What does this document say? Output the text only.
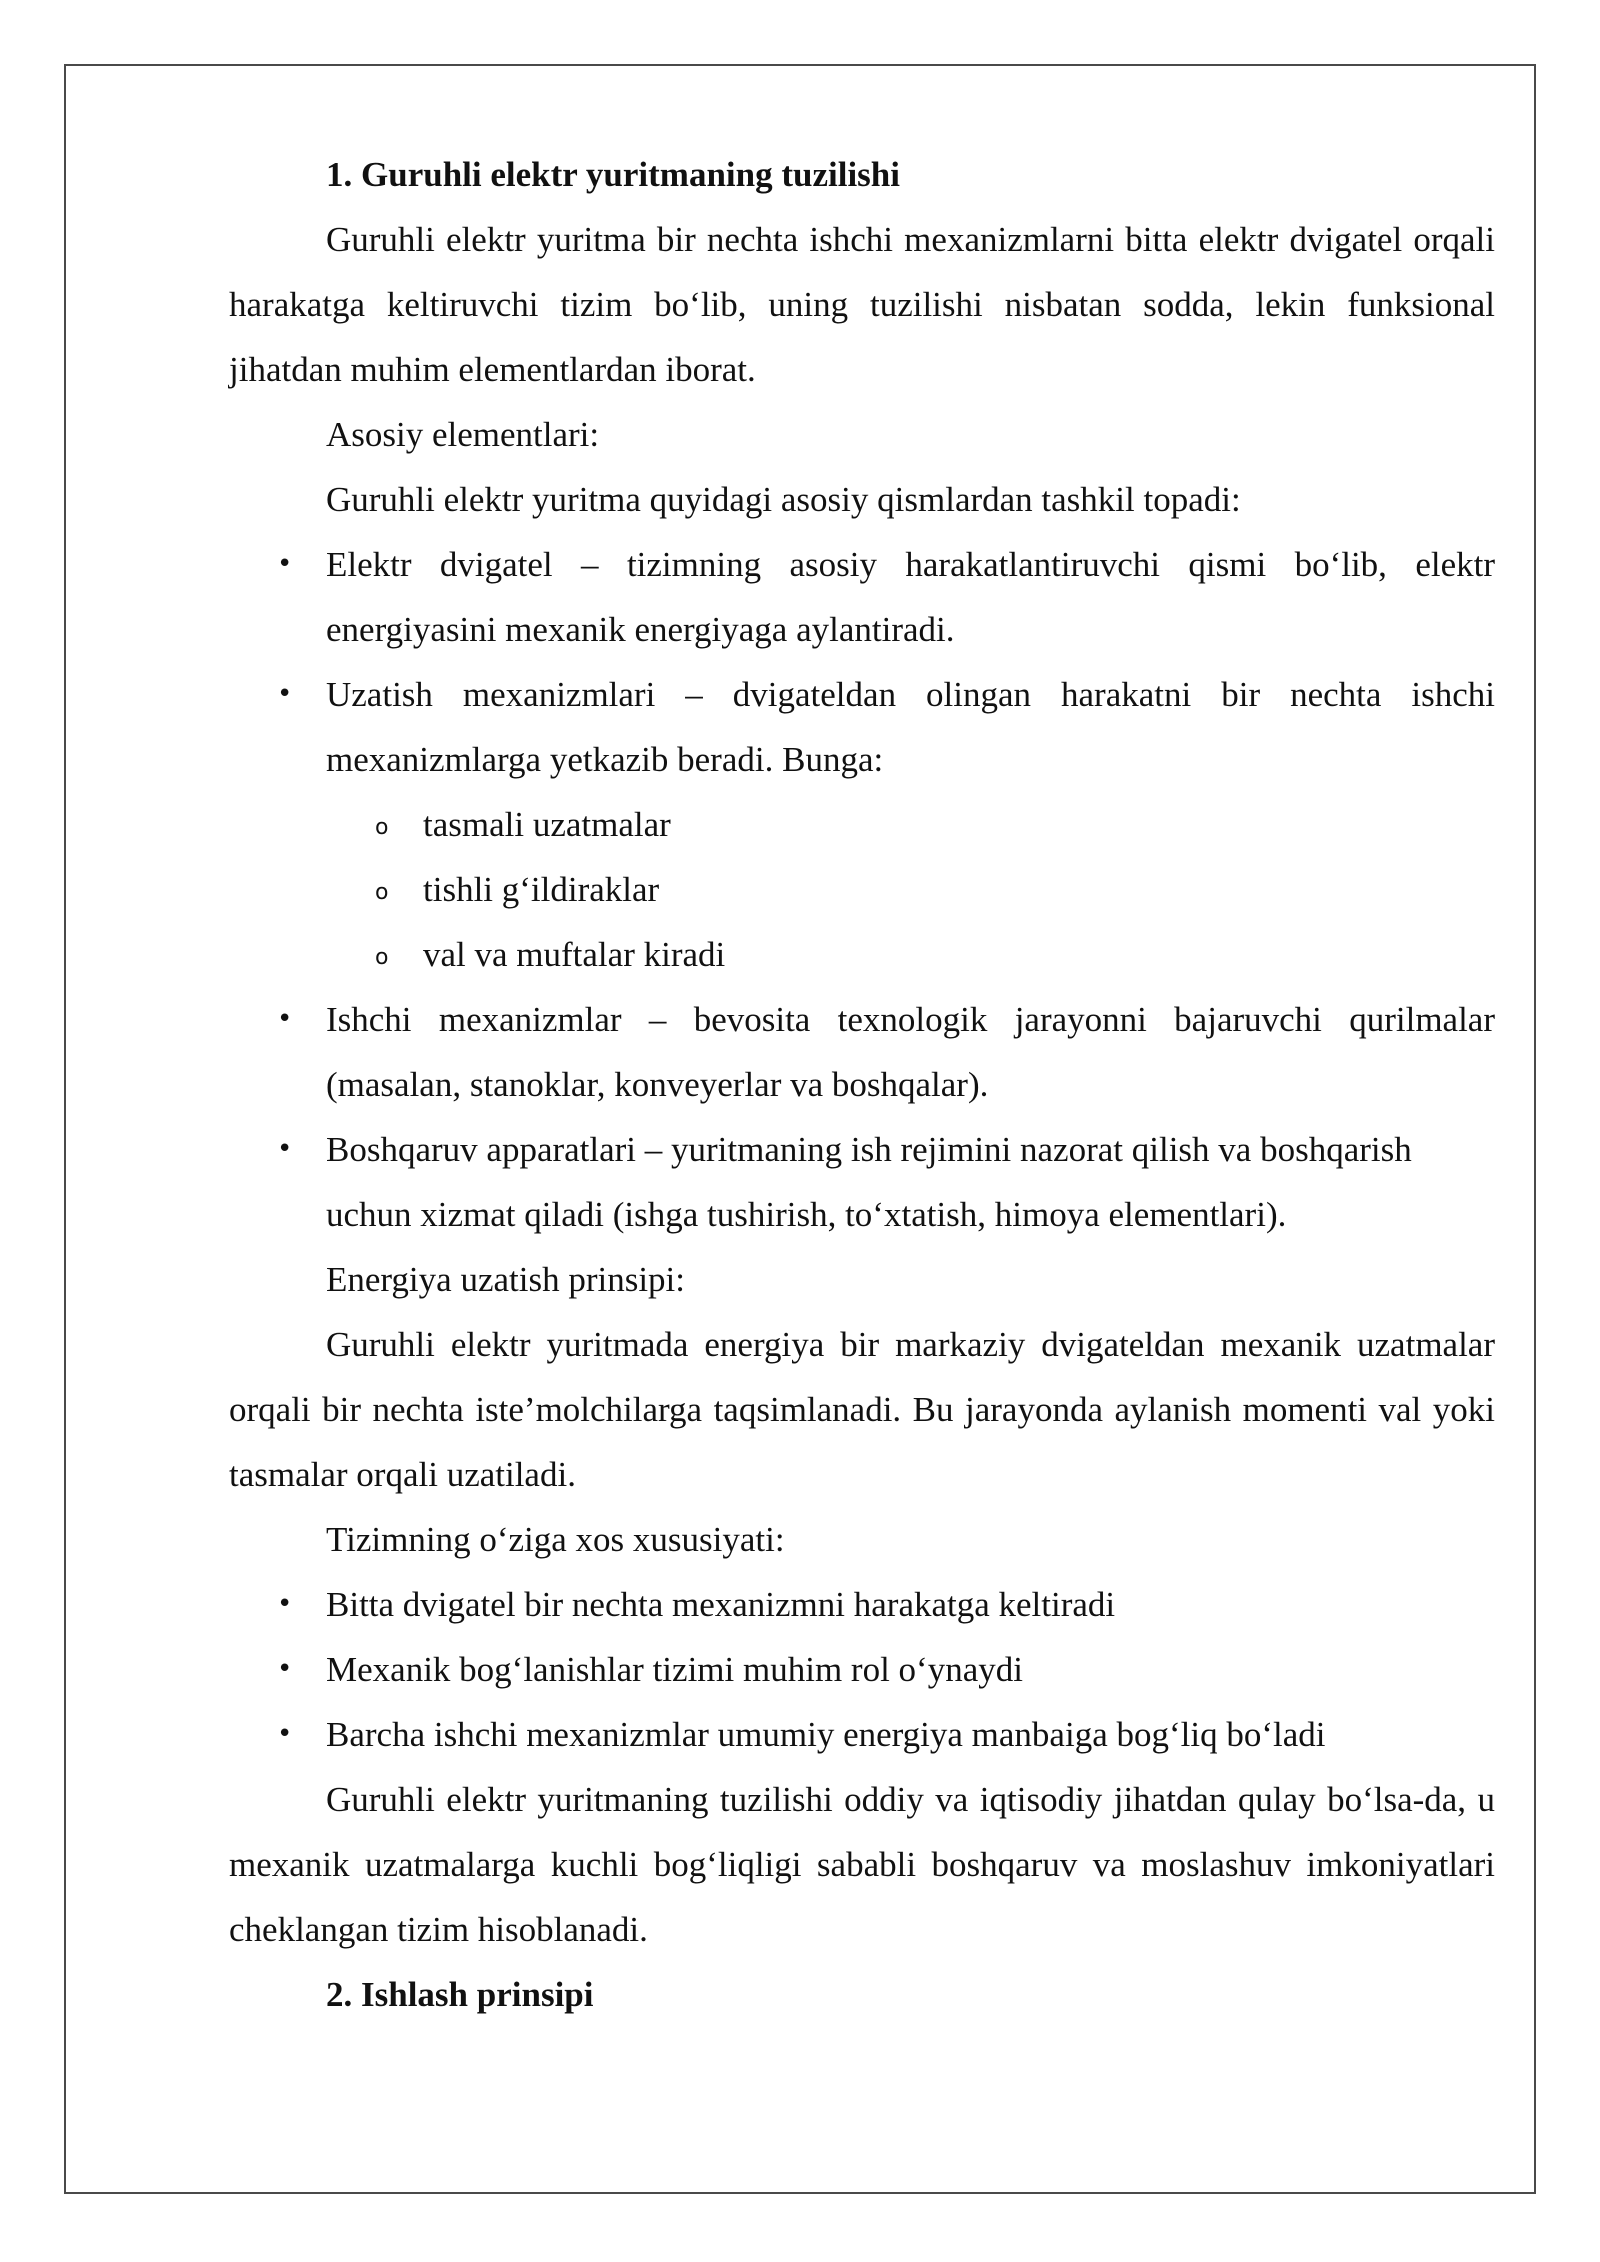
1. Guruhli elektr yuritmaning tuzilishi

Guruhli elektr yuritma bir nechta ishchi mexanizmlarni bitta elektr dvigatel orqali harakatga keltiruvchi tizim bo‘lib, uning tuzilishi nisbatan sodda, lekin funksional jihatdan muhim elementlardan iborat.

Asosiy elementlari:

Guruhli elektr yuritma quyidagi asosiy qismlardan tashkil topadi:

• Elektr dvigatel – tizimning asosiy harakatlantiruvchi qismi bo‘lib, elektr energiyasini mexanik energiyaga aylantiradi.
• Uzatish mexanizmlari – dvigateldan olingan harakatni bir nechta ishchi mexanizmlarga yetkazib beradi. Bunga:
o tasmali uzatmalar
o tishli g‘ildiraklar
o val va muftalar kiradi
• Ishchi mexanizmlar – bevosita texnologik jarayonni bajaruvchi qurilmalar (masalan, stanoklar, konveyerlar va boshqalar).
• Boshqaruv apparatlari – yuritmaning ish rejimini nazorat qilish va boshqarish uchun xizmat qiladi (ishga tushirish, to‘xtatish, himoya elementlari).

Energiya uzatish prinsipi:

Guruhli elektr yuritmada energiya bir markaziy dvigateldan mexanik uzatmalar orqali bir nechta iste’molchilarga taqsimlanadi. Bu jarayonda aylanish momenti val yoki tasmalar orqali uzatiladi.

Tizimning o‘ziga xos xususiyati:

• Bitta dvigatel bir nechta mexanizmni harakatga keltiradi
• Mexanik bog‘lanishlar tizimi muhim rol o‘ynaydi
• Barcha ishchi mexanizmlar umumiy energiya manbaiga bog‘liq bo‘ladi

Guruhli elektr yuritmaning tuzilishi oddiy va iqtisodiy jihatdan qulay bo‘lsa-da, u mexanik uzatmalarga kuchli bog‘liqligi sababli boshqaruv va moslashuv imkoniyatlari cheklangan tizim hisoblanadi.

2. Ishlash prinsipi
